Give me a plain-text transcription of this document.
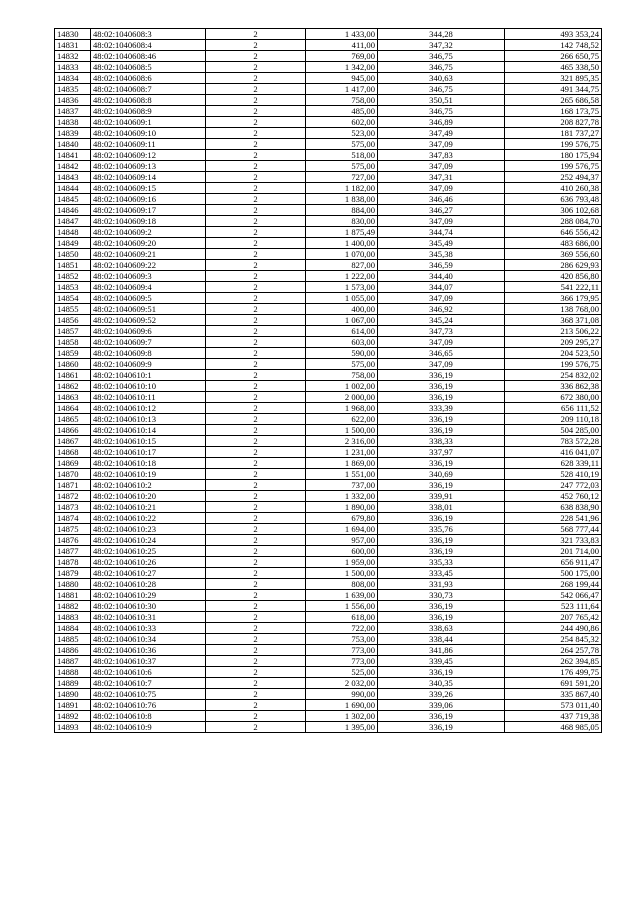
14830	48:02:1040608:3	2	1 433,00	344,28	493 353,24
14831	48:02:1040608:4	2	411,00	347,32	142 748,52
14832	48:02:1040608:46	2	769,00	346,75	266 650,75
14833	48:02:1040608:5	2	1 342,00	346,75	465 338,50
14834	48:02:1040608:6	2	945,00	340,63	321 895,35
14835	48:02:1040608:7	2	1 417,00	346,75	491 344,75
14836	48:02:1040608:8	2	758,00	350,51	265 686,58
14837	48:02:1040608:9	2	485,00	346,75	168 173,75
14838	48:02:1040609:1	2	602,00	346,89	208 827,78
14839	48:02:1040609:10	2	523,00	347,49	181 737,27
14840	48:02:1040609:11	2	575,00	347,09	199 576,75
14841	48:02:1040609:12	2	518,00	347,83	180 175,94
14842	48:02:1040609:13	2	575,00	347,09	199 576,75
14843	48:02:1040609:14	2	727,00	347,31	252 494,37
14844	48:02:1040609:15	2	1 182,00	347,09	410 260,38
14845	48:02:1040609:16	2	1 838,00	346,46	636 793,48
14846	48:02:1040609:17	2	884,00	346,27	306 102,68
14847	48:02:1040609:18	2	830,00	347,09	288 084,70
14848	48:02:1040609:2	2	1 875,49	344,74	646 556,42
14849	48:02:1040609:20	2	1 400,00	345,49	483 686,00
14850	48:02:1040609:21	2	1 070,00	345,38	369 556,60
14851	48:02:1040609:22	2	827,00	346,59	286 629,93
14852	48:02:1040609:3	2	1 222,00	344,40	420 856,80
14853	48:02:1040609:4	2	1 573,00	344,07	541 222,11
14854	48:02:1040609:5	2	1 055,00	347,09	366 179,95
14855	48:02:1040609:51	2	400,00	346,92	138 768,00
14856	48:02:1040609:52	2	1 067,00	345,24	368 371,08
14857	48:02:1040609:6	2	614,00	347,73	213 506,22
14858	48:02:1040609:7	2	603,00	347,09	209 295,27
14859	48:02:1040609:8	2	590,00	346,65	204 523,50
14860	48:02:1040609:9	2	575,00	347,09	199 576,75
14861	48:02:1040610:1	2	758,00	336,19	254 832,02
14862	48:02:1040610:10	2	1 002,00	336,19	336 862,38
14863	48:02:1040610:11	2	2 000,00	336,19	672 380,00
14864	48:02:1040610:12	2	1 968,00	333,39	656 111,52
14865	48:02:1040610:13	2	622,00	336,19	209 110,18
14866	48:02:1040610:14	2	1 500,00	336,19	504 285,00
14867	48:02:1040610:15	2	2 316,00	338,33	783 572,28
14868	48:02:1040610:17	2	1 231,00	337,97	416 041,07
14869	48:02:1040610:18	2	1 869,00	336,19	628 339,11
14870	48:02:1040610:19	2	1 551,00	340,69	528 410,19
14871	48:02:1040610:2	2	737,00	336,19	247 772,03
14872	48:02:1040610:20	2	1 332,00	339,91	452 760,12
14873	48:02:1040610:21	2	1 890,00	338,01	638 838,90
14874	48:02:1040610:22	2	679,80	336,19	228 541,96
14875	48:02:1040610:23	2	1 694,00	335,76	568 777,44
14876	48:02:1040610:24	2	957,00	336,19	321 733,83
14877	48:02:1040610:25	2	600,00	336,19	201 714,00
14878	48:02:1040610:26	2	1 959,00	335,33	656 911,47
14879	48:02:1040610:27	2	1 500,00	333,45	500 175,00
14880	48:02:1040610:28	2	808,00	331,93	268 199,44
14881	48:02:1040610:29	2	1 639,00	330,73	542 066,47
14882	48:02:1040610:30	2	1 556,00	336,19	523 111,64
14883	48:02:1040610:31	2	618,00	336,19	207 765,42
14884	48:02:1040610:33	2	722,00	338,63	244 490,86
14885	48:02:1040610:34	2	753,00	338,44	254 845,32
14886	48:02:1040610:36	2	773,00	341,86	264 257,78
14887	48:02:1040610:37	2	773,00	339,45	262 394,85
14888	48:02:1040610:6	2	525,00	336,19	176 499,75
14889	48:02:1040610:7	2	2 032,00	340,35	691 591,20
14890	48:02:1040610:75	2	990,00	339,26	335 867,40
14891	48:02:1040610:76	2	1 690,00	339,06	573 011,40
14892	48:02:1040610:8	2	1 302,00	336,19	437 719,38
14893	48:02:1040610:9	2	1 395,00	336,19	468 985,05
